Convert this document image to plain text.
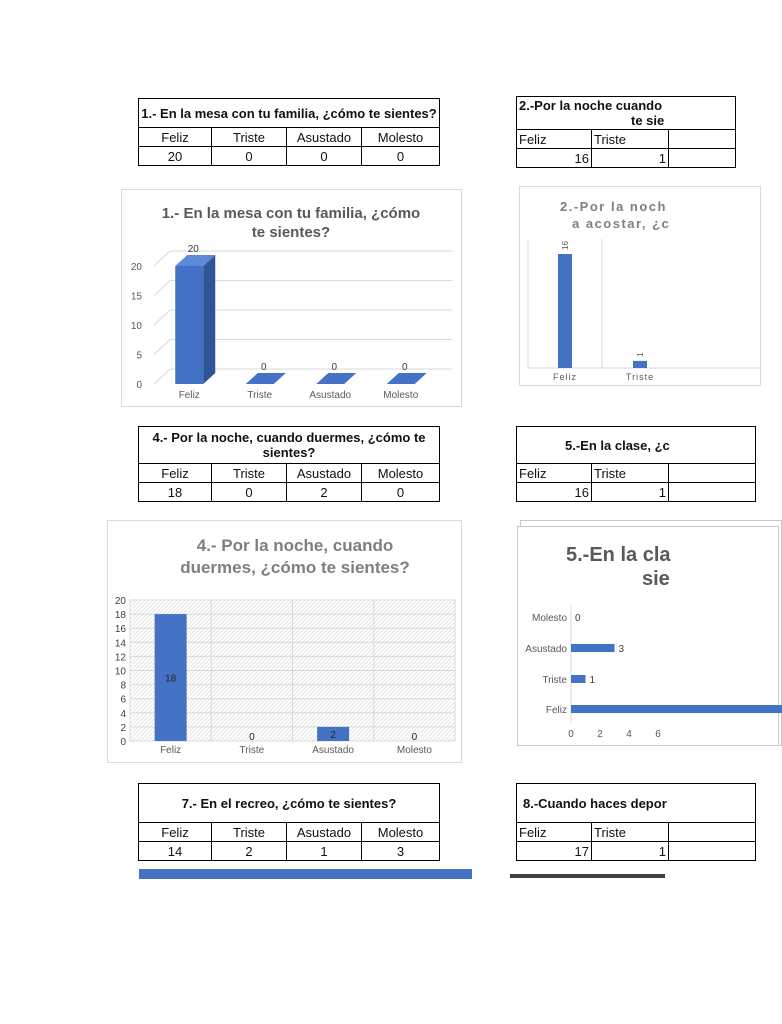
1.- En la mesa con tu familia, ¿cómo te sientes?			
Feliz	Triste	Asustado	Molesto
20	0	0	0
2.-Por la noche cuando
te sie		

Feliz	Triste	
16	1	
1.- En la mesa con tu familia, ¿cómo
te sientes?
0
5
10
15
20
20
Feliz
0
Triste
0
Asustado
0
Molesto
2.-Por la noch
a acostar, ¿c
16
Feliz
1
Triste
4.- Por la noche, cuando duermes, ¿cómo te
sientes?			

Feliz	Triste	Asustado	Molesto
18	0	2	0
5.-En la clase, ¿c		
Feliz	Triste	
16	1	
4.- Por la noche, cuando
duermes, ¿cómo te sientes?
0
2
4
6
8
10
12
14
16
18
20
18
Feliz
0
Triste
2
Asustado
0
Molesto
5.-En la cla
sie
Molesto 0
Asustado	3
Triste 1
Feliz
0 2 4 6
7.- En el recreo, ¿cómo te sientes?			
Feliz	Triste	Asustado	Molesto
14	2	1	3
8.-Cuando haces depor		
Feliz	Triste	
17	1	
